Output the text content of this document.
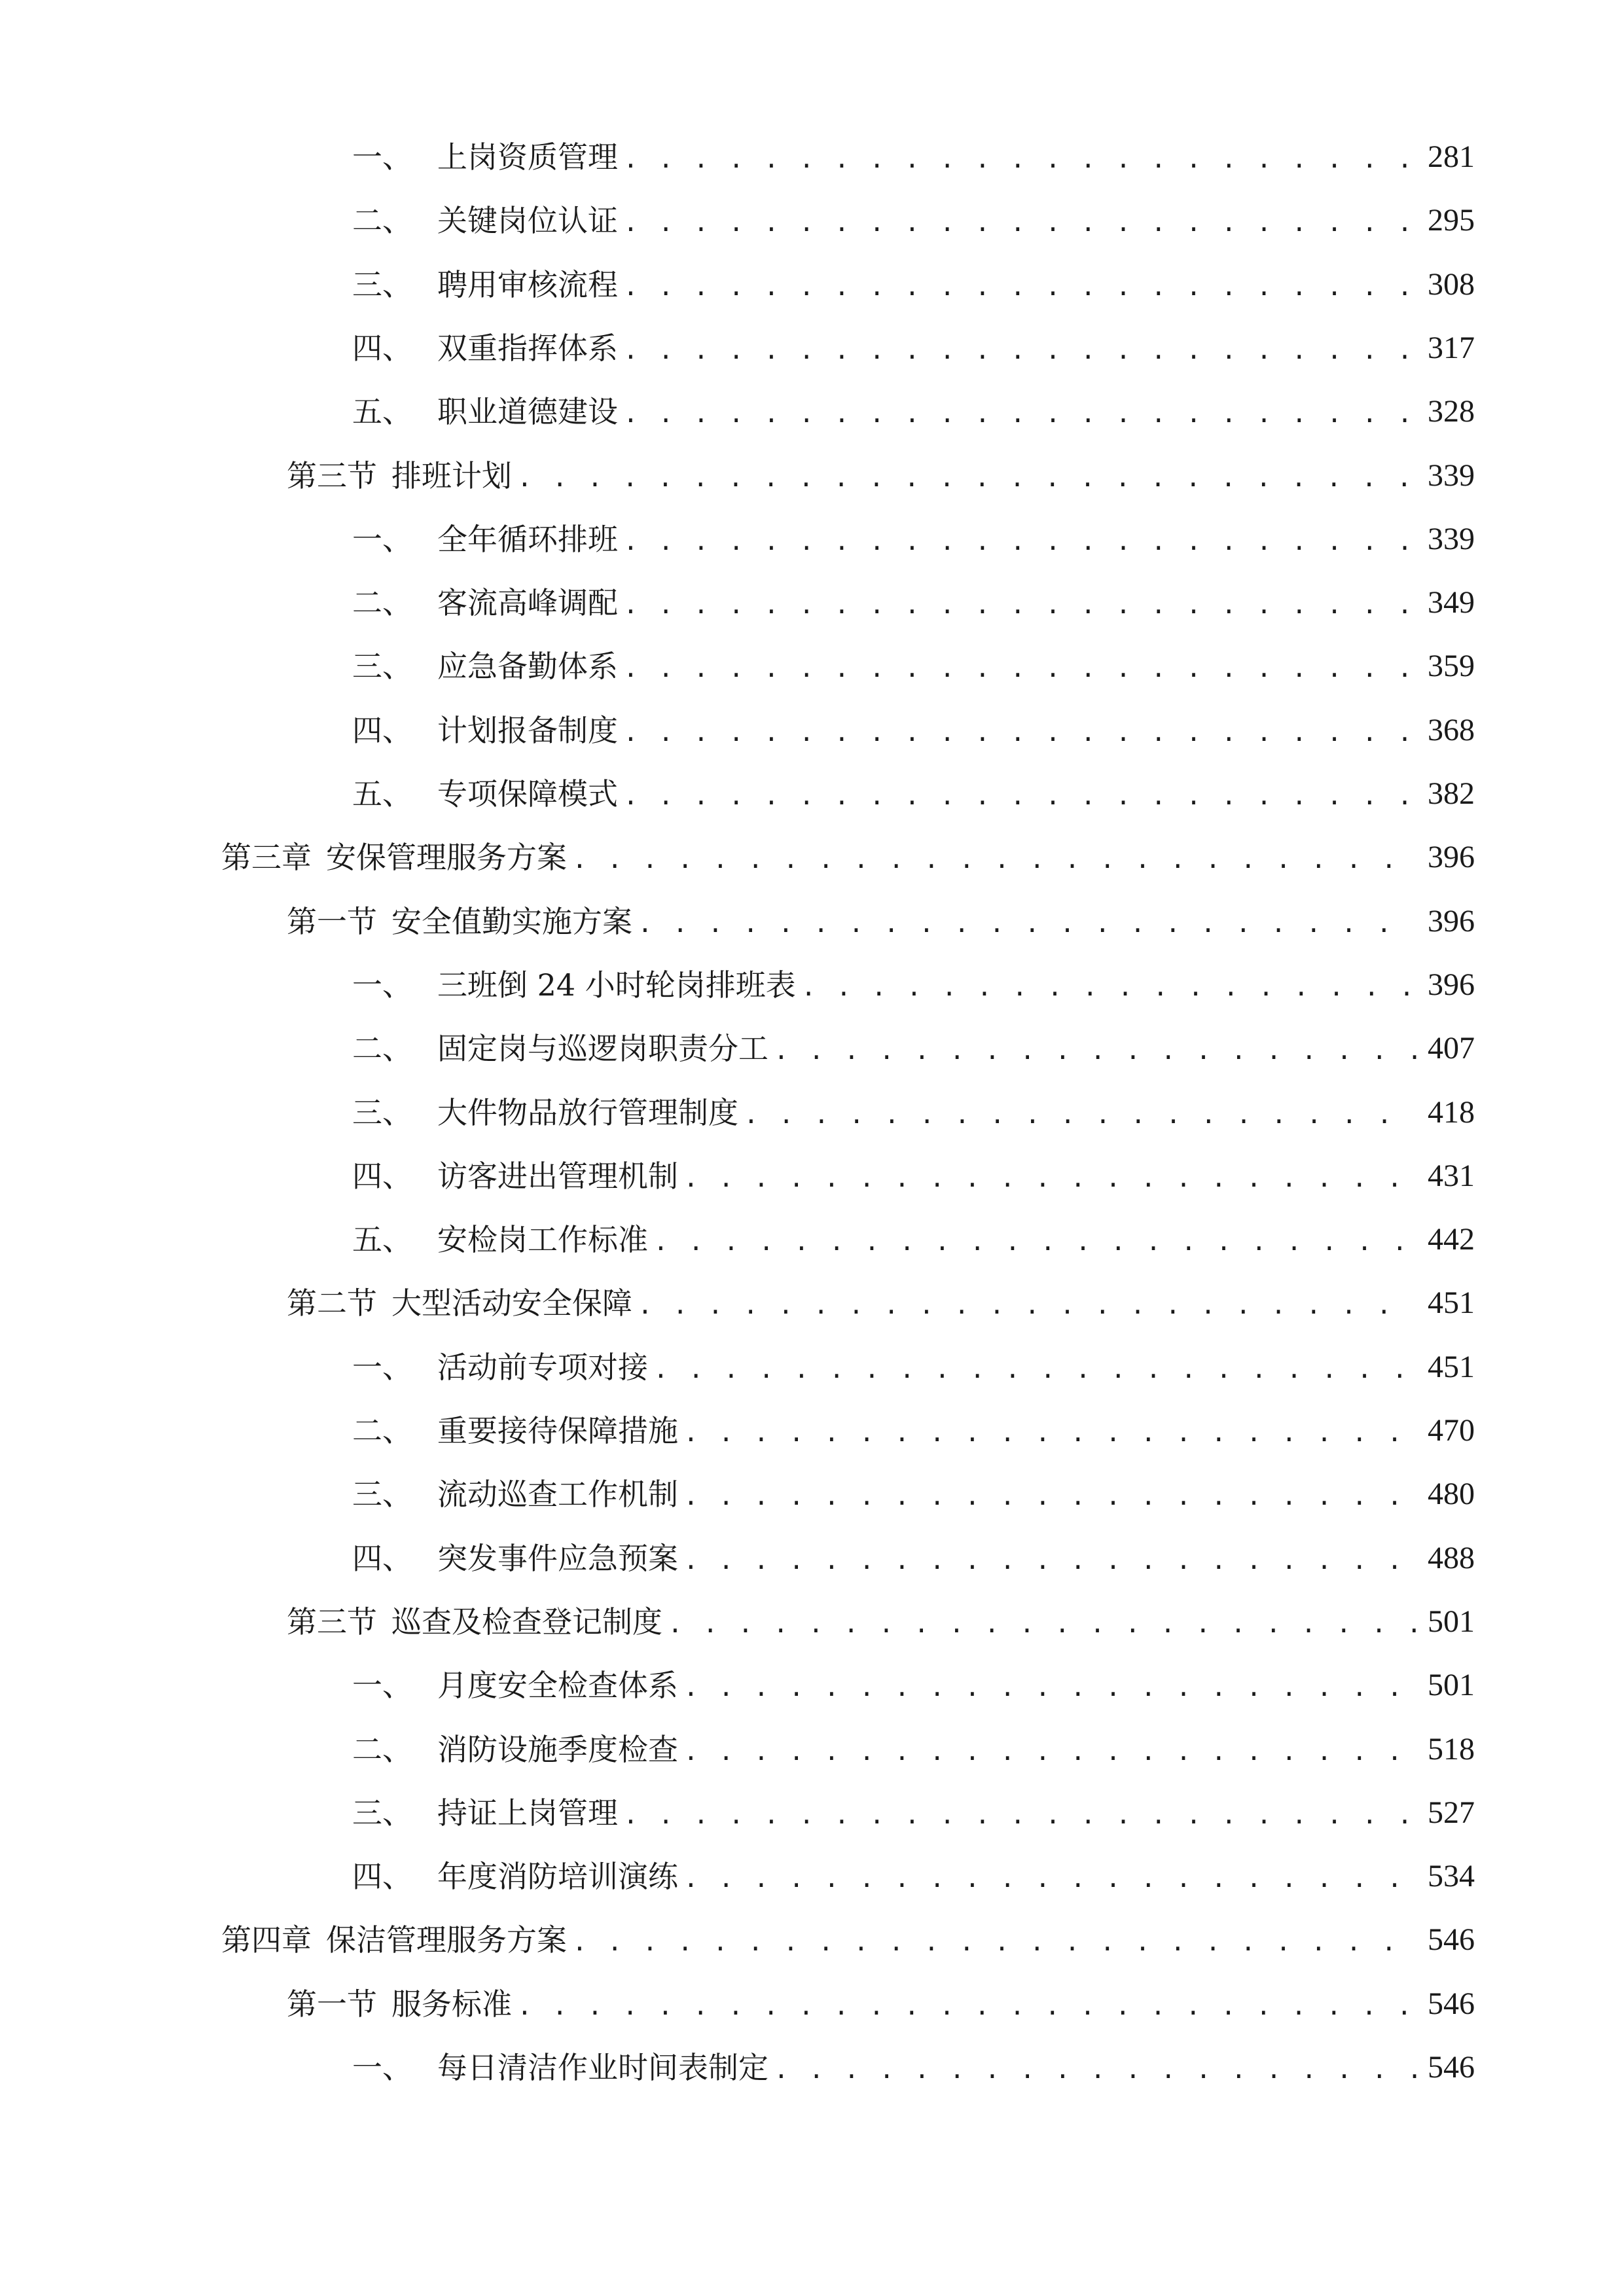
一、 上岗资质管理 . . .	281
二、 关键岗位认证 . . .	295
三、 聘用审核流程 . . .	308
四、 双重指挥体系 . . .	317
五、 职业道德建设 . . .	328
第三节 排班计划 . . .	339
一、 全年循环排班 . . .	339
二、 客流高峰调配 . . .	349
三、 应急备勤体系 . . .	359
四、 计划报备制度 . . .	368
五、 专项保障模式 . . .	382
第三章 安保管理服务方案 . . .	396
第一节 安全值勤实施方案 . . .	396
一、 三班倒 24 小时轮岗排班表 . . .	396
二、 固定岗与巡逻岗职责分工 . . .	407
三、 大件物品放行管理制度 . . .	418
四、 访客进出管理机制 . . .	431
五、 安检岗工作标准 . . .	442
第二节 大型活动安全保障 . . .	451
一、 活动前专项对接 . . .	451
二、 重要接待保障措施 . . .	470
三、 流动巡查工作机制 . . .	480
四、 突发事件应急预案 . . .	488
第三节 巡查及检查登记制度 . . .	501
一、 月度安全检查体系 . . .	501
二、 消防设施季度检查 . . .	518
三、 持证上岗管理 . . .	527
四、 年度消防培训演练 . . .	534
第四章 保洁管理服务方案 . . .	546
第一节 服务标准 . . .	546
一、 每日清洁作业时间表制定 . . .	546
